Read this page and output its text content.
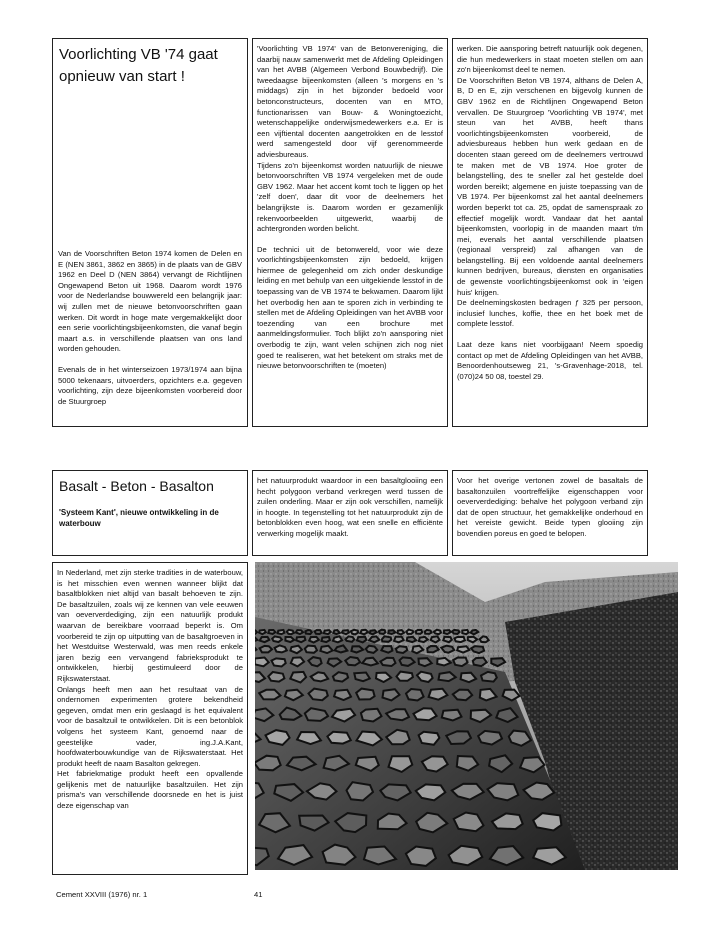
Voorlichting VB '74 gaat
opnieuw van start !

Van de Voorschriften Beton 1974 komen de Delen en E (NEN 3861, 3862 en 3865) in de plaats van de GBV 1962 en Deel D (NEN 3864) vervangt de Richtlijnen Ongewapend Beton uit 1968. Daarom wordt 1976 voor de Nederlandse bouwwereld een belangrijk jaar: wij zullen met de nieuwe betonvoorschriften gaan werken. Dit wordt in hoge mate vergemakkelijkt door een serie voorlichtingsbijeenkomsten, die vanaf begin maart a.s. in verschillende plaatsen van ons land worden gehouden.

Evenals de in het winterseizoen 1973/1974 aan bijna 5000 tekenaars, uitvoerders, opzichters e.a. gegeven voorlichting, zijn deze bijeenkomsten voorbereid door de Stuurgroep

'Voorlichting VB 1974' van de Betonvereniging, die daarbij nauw samenwerkt met de Afdeling Opleidingen van het AVBB (Algemeen Verbond Bouwbedrijf). Die tweedaagse bijeenkomsten (alleen 's morgens en 's middags) zijn in het bijzonder bedoeld voor betonconstructeurs, docenten van en MTO, functionarissen van Bouw- & Woningtoezicht, wetenschappelijke onderwijsmedewerkers e.a. Er is een vijftiental docenten aangetrokken en de lesstof werd samengesteld door vijf gerenommeerde adviesbureaus.

Tijdens zo'n bijeenkomst worden natuurlijk de nieuwe betonvoorschriften VB 1974 vergeleken met de oude GBV 1962. Maar het accent komt toch te liggen op het 'zelf doen', daar dit voor de deelnemers het belangrijkste is. Daarom worden er gezamenlijk rekenvoorbeelden uitgewerkt, waarbij de achtergronden worden belicht.

De technici uit de betonwereld, voor wie deze voorlichtingsbijeenkomsten zijn bedoeld, krijgen hiermee de gelegenheid om zich onder deskundige leiding en met behulp van een uitgekiende lesstof in de toepassing van de VB 1974 te bekwamen. Daarom lijkt het overbodig hen aan te sporen zich in verbinding te stellen met de Afdeling Opleidingen van het AVBB voor toezending van een brochure met aanmeldingsformulier. Toch blijkt zo'n aansporing niet overbodig te zijn, want velen schijnen zich nog niet goed te realiseren, wat het betekent om straks met de nieuwe betonvoorschriften te (moeten)

werken. Die aansporing betreft natuurlijk ook degenen, die hun medewerkers in staat moeten stellen om aan zo'n bijeenkomst deel te nemen.

De Voorschriften Beton VB 1974, althans de Delen A, B, D en E, zijn verschenen en bijgevolg kunnen de GBV 1962 en de Richtlijnen Ongewapend Beton vervallen. De Stuurgroep 'Voorlichting VB 1974', met steun van het AVBB, heeft thans voorlichtingsbijeenkomsten voorbereid, de adviesbureaus hebben hun werk gedaan en de docenten staan gereed om de deelnemers vertrouwd te maken met de VB 1974. Hoe groter de belangstelling, des te sneller zal het gestelde doel worden bereikt; algemene en juiste toepassing van de VB 1974. Per bijeenkomst zal het aantal deelnemers worden beperkt tot ca. 25, opdat de samenspraak zo effectief mogelijk wordt. Vandaar dat het aantal bijeenkomsten, voorlopig in de maanden maart t/m mei, evenals het aantal verschillende plaatsen (regionaal verspreid) zal afhangen van de belangstelling. Bij een voldoende aantal deelnemers kunnen bedrijven, bureaus, diensten en organisaties de gewenste voorlichtingsbijeenkomst ook in 'eigen huis' krijgen.

De deelnemingskosten bedragen ƒ 325 per persoon, inclusief lunches, koffie, thee en het boek met de complete lesstof.

Laat deze kans niet voorbijgaan! Neem spoedig contact op met de Afdeling Opleidingen van het AVBB, Benoordenhoutseweg 21, 's-Gravenhage-2018, tel. (070)24 50 08, toestel 29.

Basalt - Beton - Basalton

'Systeem Kant', nieuwe ontwikkeling in de waterbouw

In Nederland, met zijn sterke tradities in de waterbouw, is het misschien even wennen wanneer blijkt dat basaltblokken niet altijd van basalt behoeven te zijn. De basaltzuilen, zoals wij ze kennen van vele eeuwen van oeververdediging, zijn een natuurlijk produkt waarvan de bereikbare voorraad beperkt is. Om voorbereid te zijn op uitputting van de basaltgroeven in het Westduitse Westerwald, was men reeds enkele jaren bezig een vervangend fabrieksprodukt te ontwikkelen, hierbij gestimuleerd door de Rijkswaterstaat.

Onlangs heeft men aan het resultaat van de ondernomen experimenten grotere bekendheid gegeven, omdat men erin geslaagd is het equivalent voor de basaltzuil te ontwikkelen. Dit is een betonblok volgens het systeem Kant, genoemd naar de geestelijke vader, ing.J.A.Kant, hoofdwaterbouwkundige van de Rijkswaterstaat. Het produkt heeft de naam Basalton gekregen.

Het fabriekmatige produkt heeft een opvallende gelijkenis met de natuurlijke basaltzuilen. Het zijn prisma's van verschillende doorsnede en het is juist deze eigenschap van

het natuurprodukt waardoor in een basaltglooiing een hecht polygoon verband verkregen werd tussen de zuilen onderling. Maar er zijn ook verschillen, namelijk in hoogte. In tegenstelling tot het natuurprodukt zijn de betonblokken even hoog, wat een snelle en efficiënte verwerking mogelijk maakt.

Voor het overige vertonen zowel de basaltals de basaltonzuilen voortreffelijke eigenschappen voor oeververdediging: behalve het polygoon verband zijn dat de open structuur, het gemakkelijke onderhoud en het vereiste gewicht. Beide typen glooiing zijn bovendien poreus en goed te belopen.

Cement XXVIII (1976) nr. 1	41
